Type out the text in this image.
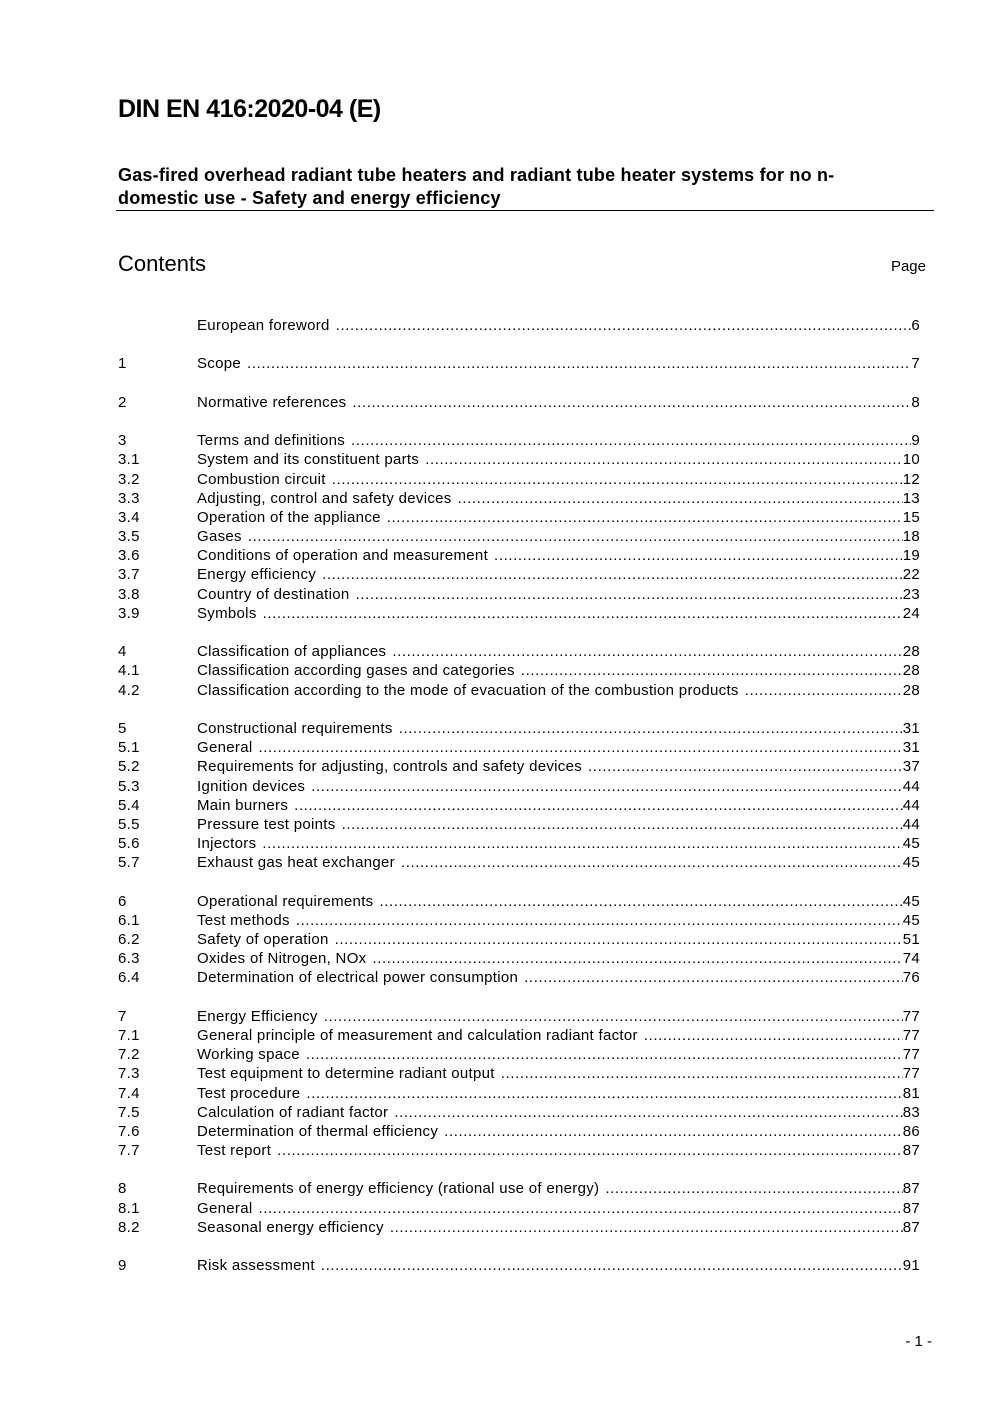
DIN EN 416:2020-04 (E)
Gas-fired overhead radiant tube heaters and radiant tube heater systems for no n-domestic use - Safety and energy efficiency
Contents	Page
European foreword .....	6
1	Scope .....	7
2	Normative references .....	8
3	Terms and definitions .....	9
3.1	System and its constituent parts .....	10
3.2	Combustion circuit .....	12
3.3	Adjusting, control and safety devices .....	13
3.4	Operation of the appliance .....	15
3.5	Gases .....	18
3.6	Conditions of operation and measurement .....	19
3.7	Energy efficiency .....	22
3.8	Country of destination .....	23
3.9	Symbols .....	24
4	Classification of appliances .....	28
4.1	Classification according gases and categories .....	28
4.2	Classification according to the mode of evacuation of the combustion products .....	28
5	Constructional requirements .....	31
5.1	General .....	31
5.2	Requirements for adjusting, controls and safety devices .....	37
5.3	Ignition devices .....	44
5.4	Main burners .....	44
5.5	Pressure test points .....	44
5.6	Injectors .....	45
5.7	Exhaust gas heat exchanger .....	45
6	Operational requirements .....	45
6.1	Test methods .....	45
6.2	Safety of operation .....	51
6.3	Oxides of Nitrogen, NOx .....	74
6.4	Determination of electrical power consumption .....	76
7	Energy Efficiency .....	77
7.1	General principle of measurement and calculation radiant factor .....	77
7.2	Working space .....	77
7.3	Test equipment to determine radiant output .....	77
7.4	Test procedure .....	81
7.5	Calculation of radiant factor .....	83
7.6	Determination of thermal efficiency .....	86
7.7	Test report .....	87
8	Requirements of energy efficiency (rational use of energy) .....	87
8.1	General .....	87
8.2	Seasonal energy efficiency .....	87
9	Risk assessment .....	91
- 1 -
